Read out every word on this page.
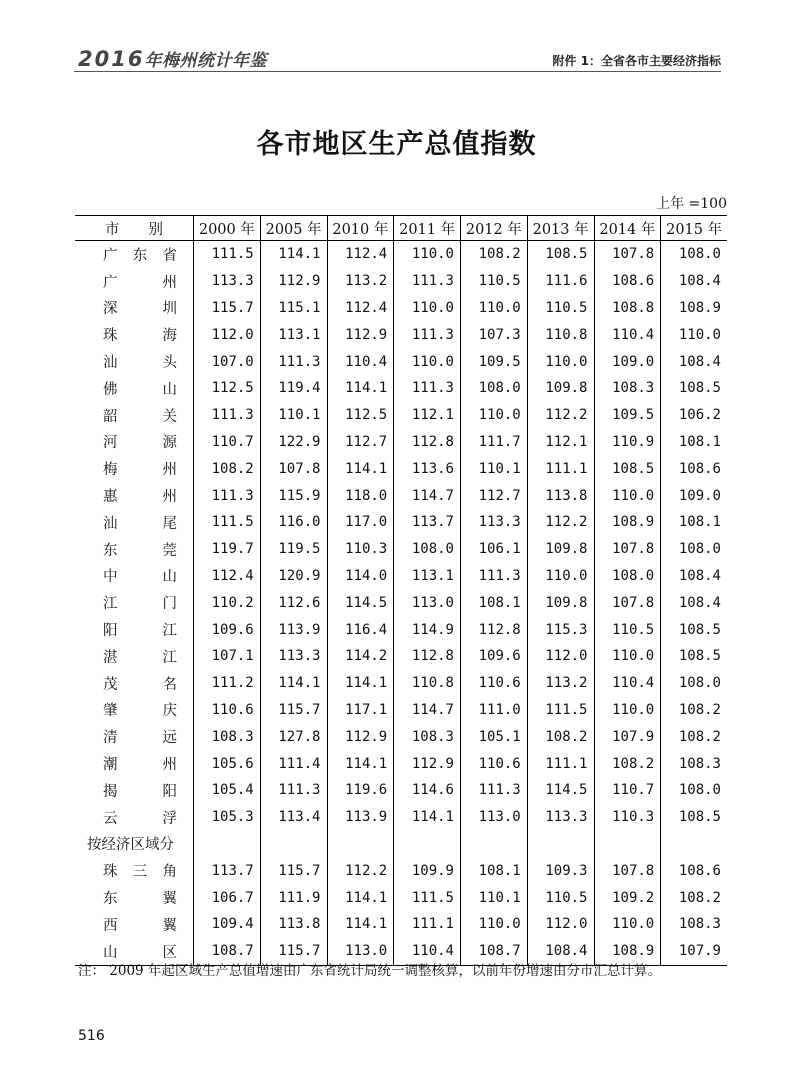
2016年梅州统计年鉴	附件 1：全省各市主要经济指标
各市地区生产总值指数
上年 =100
市　　别	2000 年	2005 年	2010 年	2011 年	2012 年	2013 年	2014 年	2015 年
广东省	111.5	114.1	112.4	110.0	108.2	108.5	107.8	108.0
广州	113.3	112.9	113.2	111.3	110.5	111.6	108.6	108.4
深圳	115.7	115.1	112.4	110.0	110.0	110.5	108.8	108.9
珠海	112.0	113.1	112.9	111.3	107.3	110.8	110.4	110.0
汕头	107.0	111.3	110.4	110.0	109.5	110.0	109.0	108.4
佛山	112.5	119.4	114.1	111.3	108.0	109.8	108.3	108.5
韶关	111.3	110.1	112.5	112.1	110.0	112.2	109.5	106.2
河源	110.7	122.9	112.7	112.8	111.7	112.1	110.9	108.1
梅州	108.2	107.8	114.1	113.6	110.1	111.1	108.5	108.6
惠州	111.3	115.9	118.0	114.7	112.7	113.8	110.0	109.0
汕尾	111.5	116.0	117.0	113.7	113.3	112.2	108.9	108.1
东莞	119.7	119.5	110.3	108.0	106.1	109.8	107.8	108.0
中山	112.4	120.9	114.0	113.1	111.3	110.0	108.0	108.4
江门	110.2	112.6	114.5	113.0	108.1	109.8	107.8	108.4
阳江	109.6	113.9	116.4	114.9	112.8	115.3	110.5	108.5
湛江	107.1	113.3	114.2	112.8	109.6	112.0	110.0	108.5
茂名	111.2	114.1	114.1	110.8	110.6	113.2	110.4	108.0
肇庆	110.6	115.7	117.1	114.7	111.0	111.5	110.0	108.2
清远	108.3	127.8	112.9	108.3	105.1	108.2	107.9	108.2
潮州	105.6	111.4	114.1	112.9	110.6	111.1	108.2	108.3
揭阳	105.4	111.3	119.6	114.6	111.3	114.5	110.7	108.0
云浮	105.3	113.4	113.9	114.1	113.0	113.3	110.3	108.5
按经济区域分								
珠三角	113.7	115.7	112.2	109.9	108.1	109.3	107.8	108.6
东翼	106.7	111.9	114.1	111.5	110.1	110.5	109.2	108.2
西翼	109.4	113.8	114.1	111.1	110.0	112.0	110.0	108.3
山区	108.7	115.7	113.0	110.4	108.7	108.4	108.9	107.9
注： 2009 年起区域生产总值增速由广东省统计局统一调整核算，以前年份增速由分市汇总计算。
516
